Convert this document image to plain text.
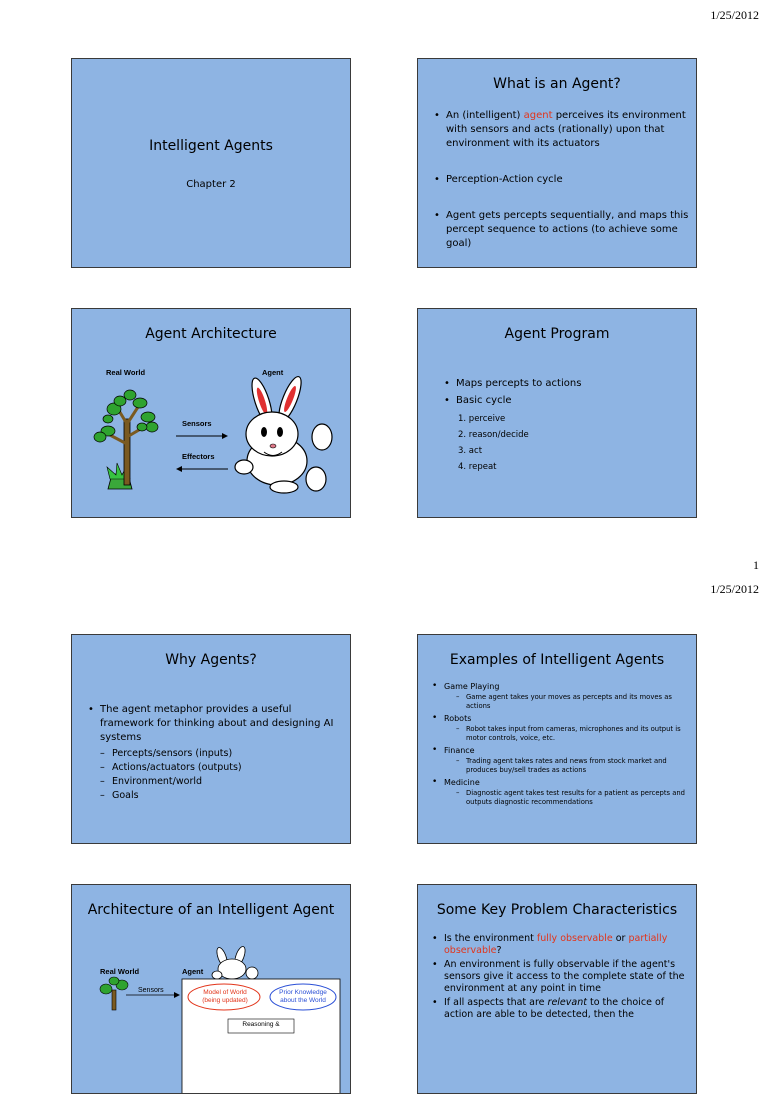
1/25/2012
Intelligent Agents
Chapter 2
What is an Agent?
• An (intelligent) agent perceives its environment with sensors and acts (rationally) upon that environment with its actuators
• Perception-Action cycle
• Agent gets percepts sequentially, and maps this percept sequence to actions (to achieve some goal)
Agent Architecture
Real World	Agent
Sensors
Effectors
Agent Program
• Maps percepts to actions
• Basic cycle
1. perceive
2. reason/decide
3. act
4. repeat
1
1/25/2012
Why Agents?
• The agent metaphor provides a useful framework for thinking about and designing AI systems
– Percepts/sensors (inputs)
– Actions/actuators (outputs)
– Environment/world
– Goals
Examples of Intelligent Agents
• Game Playing
– Game agent takes your moves as percepts and its moves as actions
• Robots
– Robot takes input from cameras, microphones and its output is motor controls, voice, etc.
• Finance
– Trading agent takes rates and news from stock market and produces buy/sell trades as actions
• Medicine
– Diagnostic agent takes test results for a patient as percepts and outputs diagnostic recommendations
Architecture of an Intelligent Agent
Real World	Agent
Sensors	Model of World (being updated)
Prior Knowledge about the World
Reasoning &
Some Key Problem Characteristics
• Is the environment fully observable or partially observable?
• An environment is fully observable if the agent's sensors give it access to the complete state of the environment at any point in time
• If all aspects that are relevant to the choice of action are able to be detected, then the
